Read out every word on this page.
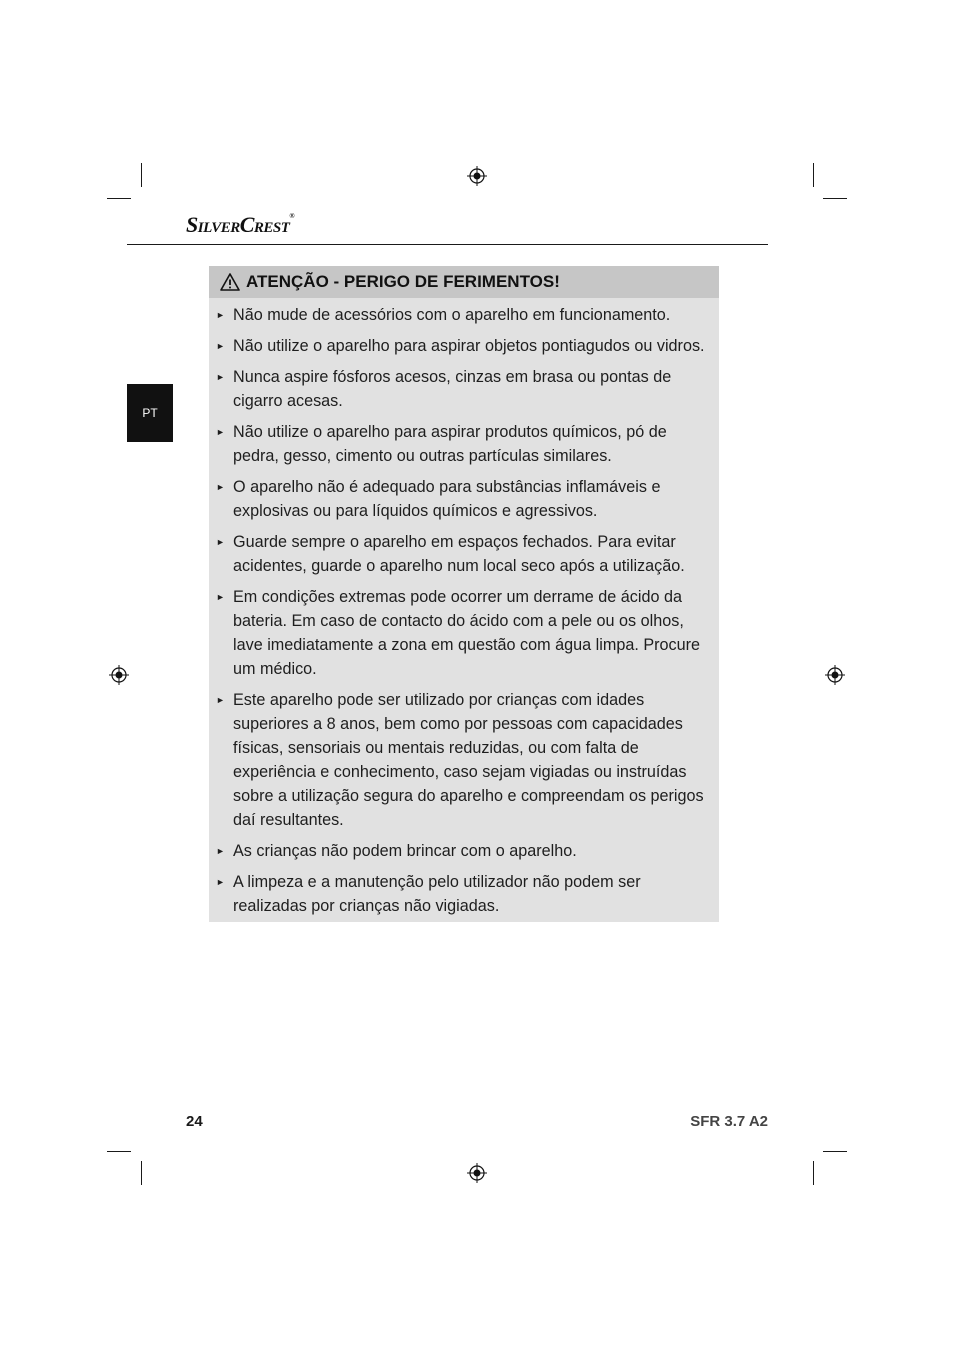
SILVERCREST®
PT
ATENÇÃO - PERIGO DE FERIMENTOS!
► Não mude de acessórios com o aparelho em funcionamento.
► Não utilize o aparelho para aspirar objetos pontiagudos ou vidros.
► Nunca aspire fósforos acesos, cinzas em brasa ou pontas de cigarro acesas.
► Não utilize o aparelho para aspirar produtos químicos, pó de pedra, gesso, cimento ou outras partículas similares.
► O aparelho não é adequado para substâncias inflamáveis e explosivas ou para líquidos químicos e agressivos.
► Guarde sempre o aparelho em espaços fechados. Para evitar acidentes, guarde o aparelho num local seco após a utilização.
► Em condições extremas pode ocorrer um derrame de ácido da bateria. Em caso de contacto do ácido com a pele ou os olhos, lave imediatamente a zona em questão com água limpa. Procure um médico.
► Este aparelho pode ser utilizado por crianças com idades superiores a 8 anos, bem como por pessoas com capacidades físicas, sensoriais ou mentais reduzidas, ou com falta de experiência e conhecimento, caso sejam vigiadas ou instruídas sobre a utilização segura do aparelho e compreendam os perigos daí resultantes.
► As crianças não podem brincar com o aparelho.
► A limpeza e a manutenção pelo utilizador não podem ser realizadas por crianças não vigiadas.
24	SFR 3.7 A2
